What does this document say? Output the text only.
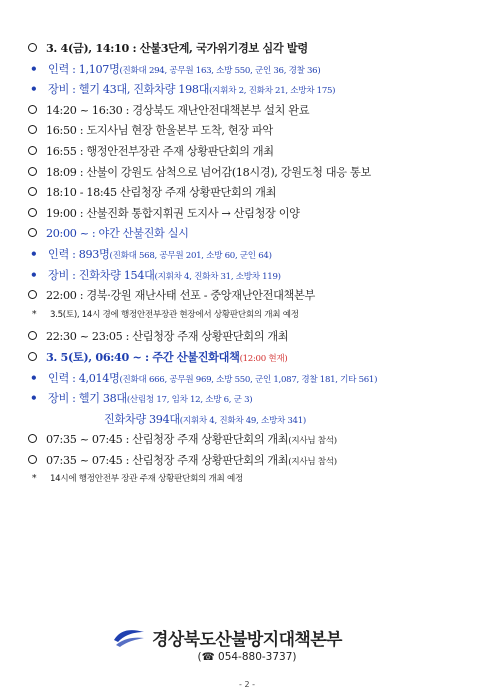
3. 4(금), 14:10 : 산불3단계, 국가위기경보 심각 발령
• 인력 : 1,107명 (진화대 294, 공무원 163, 소방 550, 군인 36, 경찰 36)
• 장비 : 헬기 43대, 진화차량 198대 (지휘차 2, 진화차 21, 소방차 175)
14:20 ~ 16:30 : 경상북도 재난안전대책본부 설치 완료
16:50 : 도지사님 현장 한울본부 도착, 현장 파악
16:55 : 행정안전부장관 주재 상황판단회의 개최
18:09 : 산불이 강원도 삼척으로 넘어감(18시경), 강원도청 대응 통보
18:10 - 18:45 산림청장 주재 상황판단회의 개최
19:00 : 산불진화 통합지휘권 도지사 → 산림청장 이양
20:00 ~ : 야간 산불진화 실시
• 인력 : 893명 (진화대 568, 공무원 201, 소방 60, 군인 64)
• 장비 : 진화차량 154대 (지휘차 4, 진화차 31, 소방차 119)
22:00 : 경북·강원 재난사태 선포 - 중앙재난안전대책본부
*	3.5(토), 14시 경에 행정안전부장관 현장에서 상황판단회의 개최 예정
22:30 ~ 23:05 : 산림청장 주재 상황판단회의 개최
3. 5(토), 06:40 ~ : 주간 산불진화대책 (12:00 현재)
• 인력 : 4,014명 (진화대 666, 공무원 969, 소방 550, 군인 1,087, 경찰 181, 기타 561)
• 장비 : 헬기 38대 (산림청 17, 임차 12, 소방 6, 군 3)
진화차량 394대 (지휘차 4, 진화차 49, 소방차 341)
07:35 ~ 07:45 : 산림청장 주재 상황판단회의 개최 (지사님 참석)
07:35 ~ 07:45 : 산림청장 주재 상황판단회의 개최 (지사님 참석)
*	14시에 행정안전부 장관 주재 상황판단회의 개최 예정
경상북도산불방지대책본부
(☎ 054-880-3737)
- 2 -
